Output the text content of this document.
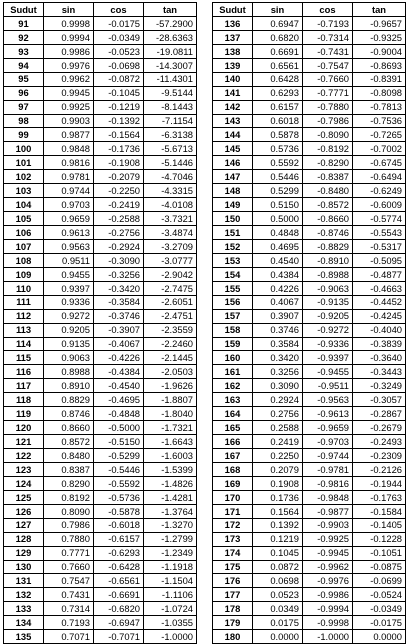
Sudut	sin	cos	tan
91	0.9998	-0.0175	-57.2900
92	0.9994	-0.0349	-28.6363
93	0.9986	-0.0523	-19.0811
94	0.9976	-0.0698	-14.3007
95	0.9962	-0.0872	-11.4301
96	0.9945	-0.1045	-9.5144
97	0.9925	-0.1219	-8.1443
98	0.9903	-0.1392	-7.1154
99	0.9877	-0.1564	-6.3138
100	0.9848	-0.1736	-5.6713
101	0.9816	-0.1908	-5.1446
102	0.9781	-0.2079	-4.7046
103	0.9744	-0.2250	-4.3315
104	0.9703	-0.2419	-4.0108
105	0.9659	-0.2588	-3.7321
106	0.9613	-0.2756	-3.4874
107	0.9563	-0.2924	-3.2709
108	0.9511	-0.3090	-3.0777
109	0.9455	-0.3256	-2.9042
110	0.9397	-0.3420	-2.7475
111	0.9336	-0.3584	-2.6051
112	0.9272	-0.3746	-2.4751
113	0.9205	-0.3907	-2.3559
114	0.9135	-0.4067	-2.2460
115	0.9063	-0.4226	-2.1445
116	0.8988	-0.4384	-2.0503
117	0.8910	-0.4540	-1.9626
118	0.8829	-0.4695	-1.8807
119	0.8746	-0.4848	-1.8040
120	0.8660	-0.5000	-1.7321
121	0.8572	-0.5150	-1.6643
122	0.8480	-0.5299	-1.6003
123	0.8387	-0.5446	-1.5399
124	0.8290	-0.5592	-1.4826
125	0.8192	-0.5736	-1.4281
126	0.8090	-0.5878	-1.3764
127	0.7986	-0.6018	-1.3270
128	0.7880	-0.6157	-1.2799
129	0.7771	-0.6293	-1.2349
130	0.7660	-0.6428	-1.1918
131	0.7547	-0.6561	-1.1504
132	0.7431	-0.6691	-1.1106
133	0.7314	-0.6820	-1.0724
134	0.7193	-0.6947	-1.0355
135	0.7071	-0.7071	-1.0000
Sudut	sin	cos	tan
136	0.6947	-0.7193	-0.9657
137	0.6820	-0.7314	-0.9325
138	0.6691	-0.7431	-0.9004
139	0.6561	-0.7547	-0.8693
140	0.6428	-0.7660	-0.8391
141	0.6293	-0.7771	-0.8098
142	0.6157	-0.7880	-0.7813
143	0.6018	-0.7986	-0.7536
144	0.5878	-0.8090	-0.7265
145	0.5736	-0.8192	-0.7002
146	0.5592	-0.8290	-0.6745
147	0.5446	-0.8387	-0.6494
148	0.5299	-0.8480	-0.6249
149	0.5150	-0.8572	-0.6009
150	0.5000	-0.8660	-0.5774
151	0.4848	-0.8746	-0.5543
152	0.4695	-0.8829	-0.5317
153	0.4540	-0.8910	-0.5095
154	0.4384	-0.8988	-0.4877
155	0.4226	-0.9063	-0.4663
156	0.4067	-0.9135	-0.4452
157	0.3907	-0.9205	-0.4245
158	0.3746	-0.9272	-0.4040
159	0.3584	-0.9336	-0.3839
160	0.3420	-0.9397	-0.3640
161	0.3256	-0.9455	-0.3443
162	0.3090	-0.9511	-0.3249
163	0.2924	-0.9563	-0.3057
164	0.2756	-0.9613	-0.2867
165	0.2588	-0.9659	-0.2679
166	0.2419	-0.9703	-0.2493
167	0.2250	-0.9744	-0.2309
168	0.2079	-0.9781	-0.2126
169	0.1908	-0.9816	-0.1944
170	0.1736	-0.9848	-0.1763
171	0.1564	-0.9877	-0.1584
172	0.1392	-0.9903	-0.1405
173	0.1219	-0.9925	-0.1228
174	0.1045	-0.9945	-0.1051
175	0.0872	-0.9962	-0.0875
176	0.0698	-0.9976	-0.0699
177	0.0523	-0.9986	-0.0524
178	0.0349	-0.9994	-0.0349
179	0.0175	-0.9998	-0.0175
180	0.0000	-1.0000	0.0000
